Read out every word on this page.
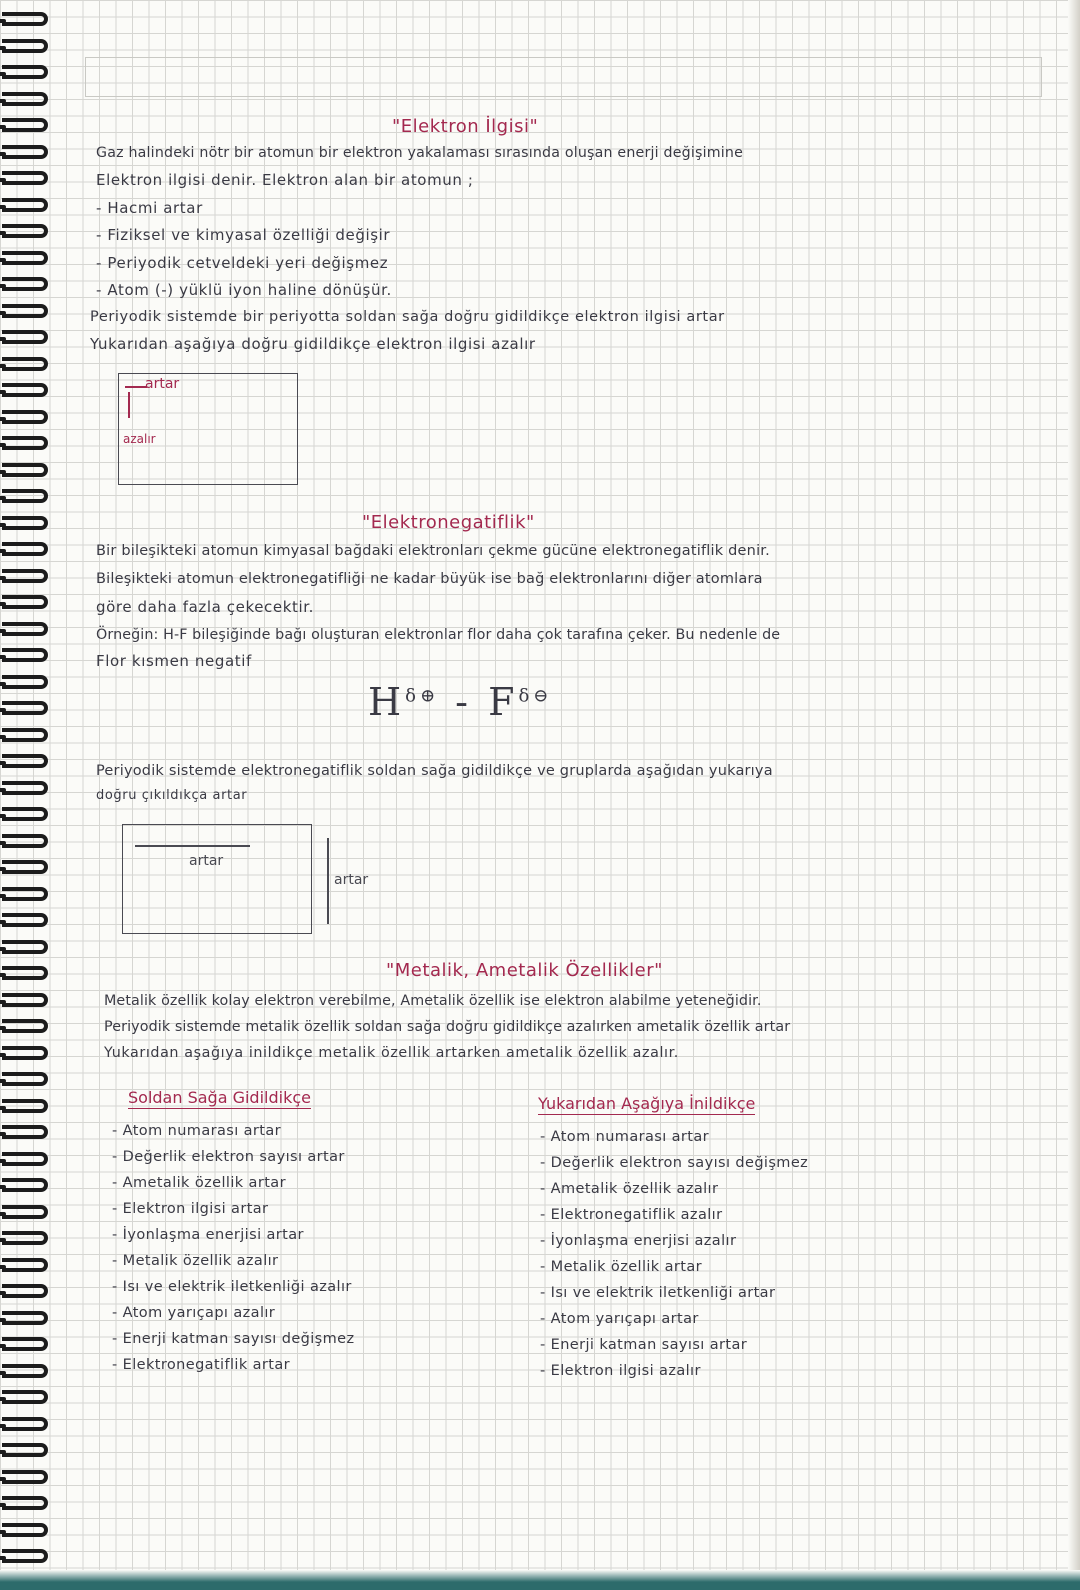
"Elektron İlgisi"
Gaz halindeki nötr bir atomun bir elektron yakalaması sırasında oluşan enerji değişimine
Elektron ilgisi denir. Elektron alan bir atomun ;
- Hacmi artar
- Fiziksel ve kimyasal özelliği değişir
- Periyodik cetveldeki yeri değişmez
- Atom (-) yüklü iyon haline dönüşür.
Periyodik sistemde bir periyotta soldan sağa doğru gidildikçe elektron ilgisi artar
Yukarıdan aşağıya doğru gidildikçe elektron ilgisi azalır
artar
azalır
"Elektronegatiflik"
Bir bileşikteki atomun kimyasal bağdaki elektronları çekme gücüne elektronegatiflik denir.
Bileşikteki atomun elektronegatifliği ne kadar büyük ise bağ elektronlarını diğer atomlara
göre daha fazla çekecektir.
Örneğin: H-F bileşiğinde bağı oluşturan elektronlar flor daha çok tarafına çeker. Bu nedenle de
Flor kısmen negatif
$H^{\delta\oplus} - F^{\delta⊖}$
Periyodik sistemde elektronegatiflik soldan sağa gidildikçe ve gruplarda aşağıdan yukarıya
doğru çıkıldıkça artar
artar
artar
"Metalik, Ametalik Özellikler"
Metalik özellik kolay elektron verebilme, Ametalik özellik ise elektron alabilme yeteneğidir.
Periyodik sistemde metalik özellik soldan sağa doğru gidildikçe azalırken ametalik özellik artar
Yukarıdan aşağıya inildikçe metalik özellik artarken ametalik özellik azalır.
Soldan Sağa Gidildikçe
- Atom numarası artar
- Değerlik elektron sayısı artar
- Ametalik özellik artar
- Elektron ilgisi artar
- İyonlaşma enerjisi artar
- Metalik özellik azalır
- Isı ve elektrik iletkenliği azalır
- Atom yarıçapı azalır
- Enerji katman sayısı değişmez
- Elektronegatiflik artar
Yukarıdan Aşağıya İnildikçe
- Atom numarası artar
- Değerlik elektron sayısı değişmez
- Ametalik özellik azalır
- Elektronegatiflik azalır
- İyonlaşma enerjisi azalır
- Metalik özellik artar
- Isı ve elektrik iletkenliği artar
- Atom yarıçapı artar
- Enerji katman sayısı artar
- Elektron ilgisi azalır
